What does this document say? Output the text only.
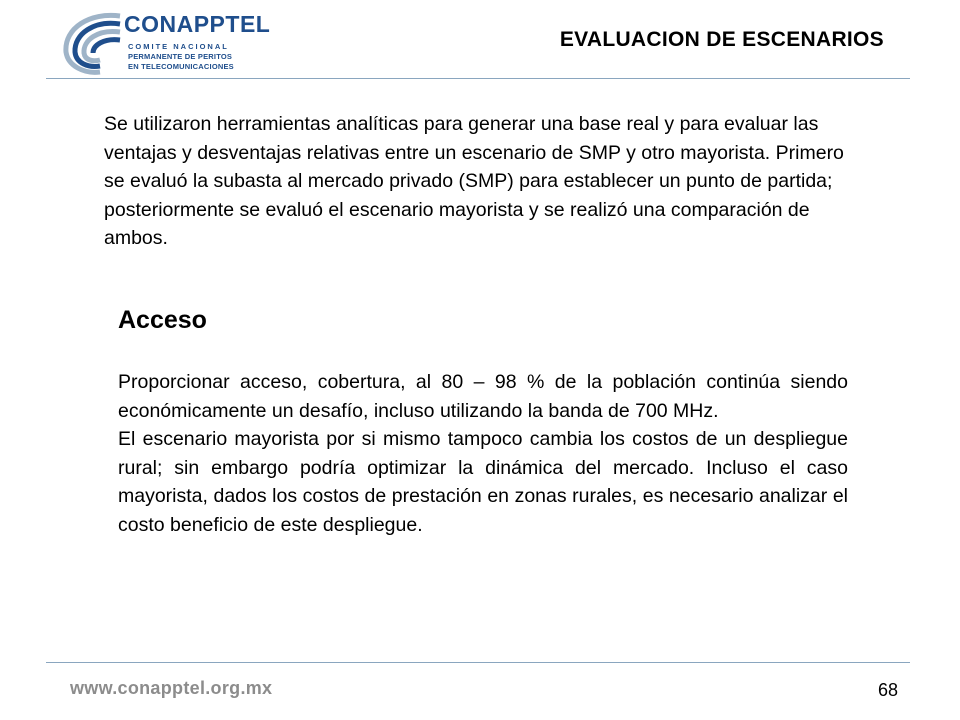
CONAPPTEL
COMITE NACIONAL
PERMANENTE DE PERITOS
EN TELECOMUNICACIONES
EVALUACION DE ESCENARIOS

Se utilizaron herramientas analíticas para generar una base real y para evaluar las ventajas y desventajas relativas entre un escenario de SMP y otro mayorista. Primero se evaluó la subasta al mercado privado (SMP) para establecer un punto de partida; posteriormente se evaluó el escenario mayorista y se realizó una comparación de ambos.

Acceso

Proporcionar acceso, cobertura, al 80 – 98 % de la población continúa siendo económicamente un desafío, incluso utilizando la banda de 700 MHz.

El escenario mayorista por si mismo tampoco cambia los costos de un despliegue rural; sin embargo podría optimizar la dinámica del mercado. Incluso el caso mayorista, dados los costos de prestación en zonas rurales, es necesario analizar el costo beneficio de este despliegue.

www.conapptel.org.mx	68
